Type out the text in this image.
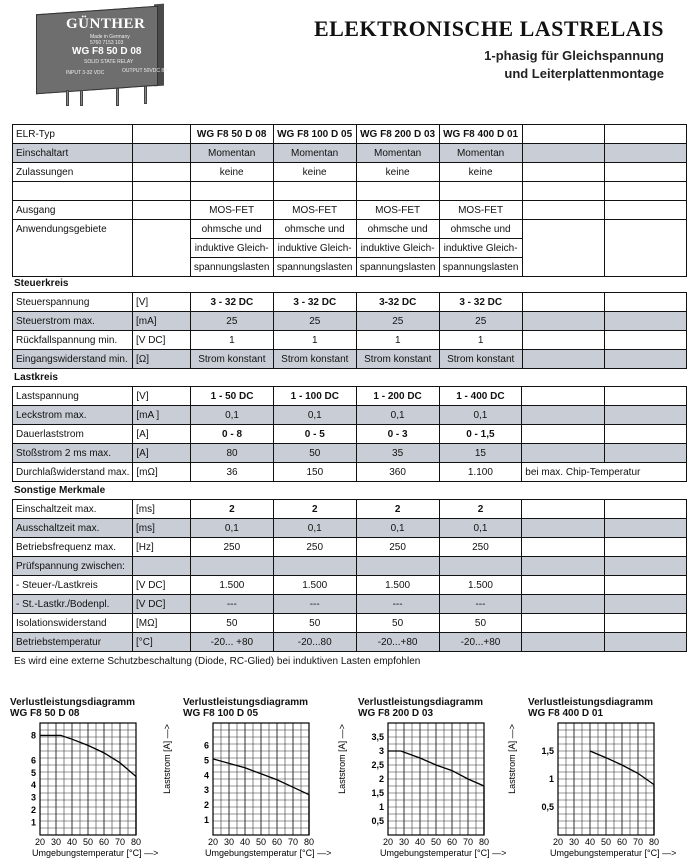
GÜNTHER
Made in Germany
5760 7153 103
WG F8 50 D 08
SOLID STATE RELAY
INPUT 3-32 VDC	OUTPUT 50VDC 8A
ELEKTRONISCHE LASTRELAIS
1-phasig für Gleichspannung
und Leiterplattenmontage
ELR-Typ		WG F8 50 D 08	WG F8 100 D 05	WG F8 200 D 03	WG F8 400 D 01		
Einschaltart		Momentan	Momentan	Momentan	Momentan		
Zulassungen		keine	keine	keine	keine		

Ausgang		MOS-FET	MOS-FET	MOS-FET	MOS-FET		
Anwendungsgebiete		ohmsche und	ohmsche und	ohmsche und	ohmsche und		
		induktive Gleich-	induktive Gleich-	induktive Gleich-	induktive Gleich-		
		spannungslasten	spannungslasten	spannungslasten	spannungslasten		
Steuerkreis
Steuerspannung	[V]	3 - 32 DC	3 - 32 DC	3-32 DC	3 - 32 DC		
Steuerstrom max.	[mA]	25	25	25	25		
Rückfallspannung min.	[V DC]	1	1	1	1		
Eingangswiderstand min.	[Ω]	Strom konstant	Strom konstant	Strom konstant	Strom konstant		
Lastkreis
Lastspannung	[V]	1 - 50 DC	1 - 100 DC	1 - 200 DC	1 - 400 DC		
Leckstrom max.	[mA ]	0,1	0,1	0,1	0,1		
Dauerlaststrom	[A]	0 - 8	0 - 5	0 - 3	0 - 1,5		
Stoßstrom 2 ms max.	[A]	80	50	35	15		
Durchlaßwiderstand max.	[mΩ]	36	150	360	1.100	bei max. Chip-Temperatur	
Sonstige Merkmale
Einschaltzeit max.	[ms]	2	2	2	2		
Ausschaltzeit max.	[ms]	0,1	0,1	0,1	0,1		
Betriebsfrequenz max.	[Hz]	250	250	250	250		
Prüfspannung zwischen:							
- Steuer-/Lastkreis	[V DC]	1.500	1.500	1.500	1.500		
- St.-Lastkr./Bodenpl.	[V DC]	---	---	---	---		
Isolationswiderstand	[MΩ]	50	50	50	50		
Betriebstemperatur	[°C]	-20... +80	-20...80	-20...+80	-20...+80		
Es wird eine externe Schutzbeschaltung (Diode, RC-Glied) bei induktiven Lasten empfohlen
Verlustleistungsdiagramm
WG F8 50 D 08
20 30 40 50 60 70 80
1
2
3
4
5
6
8
Umgebungstemperatur [°C] —>
Verlustleistungsdiagramm
WG F8 100 D 05
20 30 40 50 60 70 80
1
2
3
4
5
6
Laststrom [A] —>
Umgebungstemperatur [°C] —>
Verlustleistungsdiagramm
WG F8 200 D 03
20 30 40 50 60 70 80
0,5
1
1,5
2
2,5
3
3,5
Laststrom [A] —>
Umgebungstemperatur [°C] —>
Verlustleistungsdiagramm
WG F8 400 D 01
20 30 40 50 60 70 80
0,5
1
1,5
Laststrom [A] —>
Umgebungstemperatur [°C] —>
